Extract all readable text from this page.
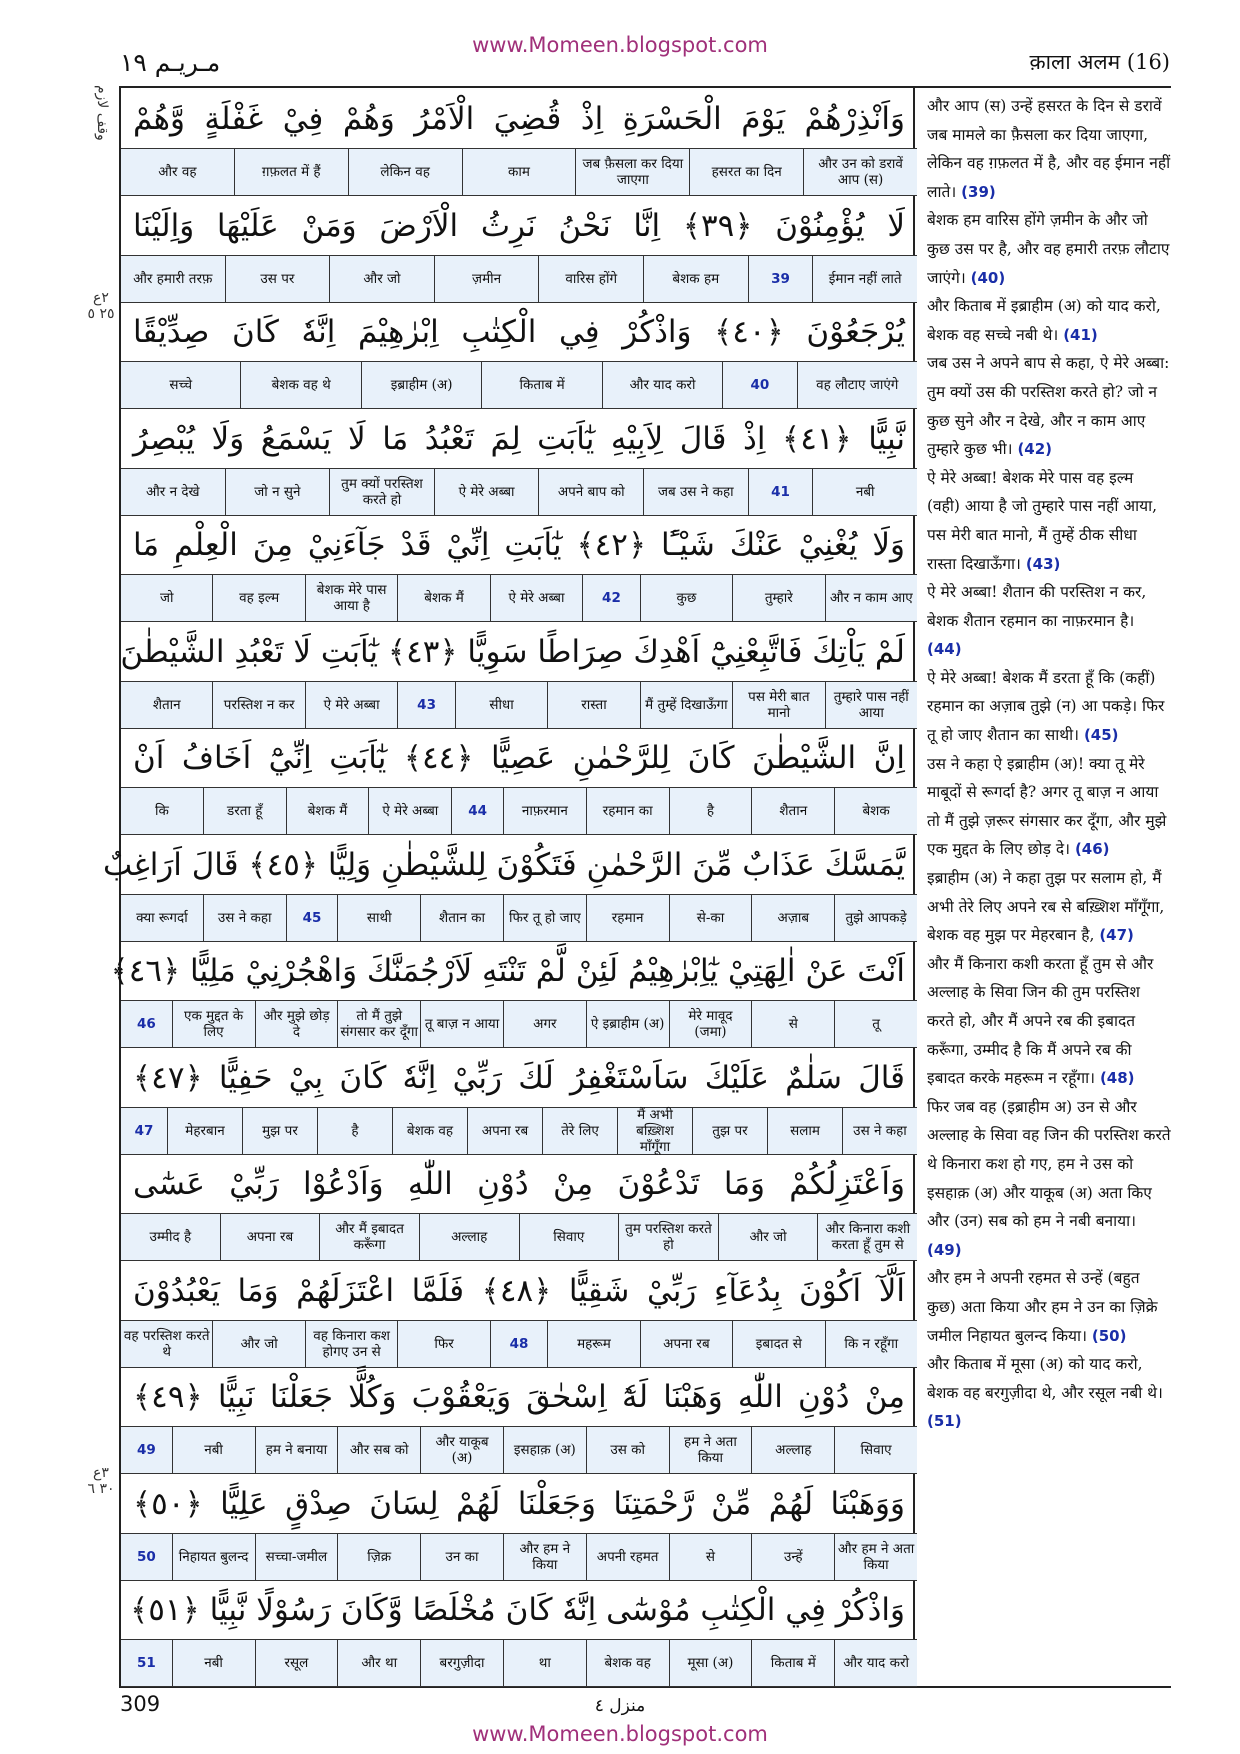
www.Momeen.blogspot.com
مـريـم ١٩	क़ाला अलम (16)
وقف لازم
٢ع ٢٥ ٥
٣ع ٣٠ ٦
وَاَنْذِرْهُمْ يَوْمَ الْحَسْرَةِ اِذْ قُضِيَ الْاَمْرُ وَهُمْ فِيْ غَفْلَةٍ وَّهُمْ
और उन को डरावें आप (स)
हसरत का दिन
जब फ़ैसला कर दिया जाएगा
काम
लेकिन वह
ग़फ़लत में हैं
और वह
لَا يُؤْمِنُوْنَ ﴿٣٩﴾ اِنَّا نَحْنُ نَرِثُ الْاَرْضَ وَمَنْ عَلَيْهَا وَاِلَيْنَا
ईमान नहीं लाते
39
बेशक हम
वारिस होंगे
ज़मीन
और जो
उस पर
और हमारी तरफ़
يُرْجَعُوْنَ ﴿٤٠﴾ وَاذْكُرْ فِي الْكِتٰبِ اِبْرٰهِيْمَ اِنَّهٗ كَانَ صِدِّيْقًا
वह लौटाए जाएंगे
40
और याद करो
किताब में
इब्राहीम (अ)
बेशक वह थे
सच्चे
نَّبِيًّا ﴿٤١﴾ اِذْ قَالَ لِاَبِيْهِ يٰٓاَبَتِ لِمَ تَعْبُدُ مَا لَا يَسْمَعُ وَلَا يُبْصِرُ
नबी
41
जब उस ने कहा
अपने बाप को
ऐ मेरे अब्बा
तुम क्यों परस्तिश करते हो
जो न सुने
और न देखे
وَلَا يُغْنِيْ عَنْكَ شَيْـًٔا ﴿٤٢﴾ يٰٓاَبَتِ اِنِّيْ قَدْ جَآءَنِيْ مِنَ الْعِلْمِ مَا
और न काम आए
तुम्हारे
कुछ
42
ऐ मेरे अब्बा
बेशक मैं
बेशक मेरे पास आया है
वह इल्म
जो
لَمْ يَاْتِكَ فَاتَّبِعْنِيْٓ اَهْدِكَ صِرَاطًا سَوِيًّا ﴿٤٣﴾ يٰٓاَبَتِ لَا تَعْبُدِ الشَّيْطٰنَ
तुम्हारे पास नहीं आया
पस मेरी बात मानो
मैं तुम्हें दिखाऊँगा
रास्ता
सीधा
43
ऐ मेरे अब्बा
परस्तिश न कर
शैतान
اِنَّ الشَّيْطٰنَ كَانَ لِلرَّحْمٰنِ عَصِيًّا ﴿٤٤﴾ يٰٓاَبَتِ اِنِّيْٓ اَخَافُ اَنْ
बेशक
शैतान
है
रहमान का
नाफ़रमान
44
ऐ मेरे अब्बा
बेशक मैं
डरता हूँ
कि
يَّمَسَّكَ عَذَابٌ مِّنَ الرَّحْمٰنِ فَتَكُوْنَ لِلشَّيْطٰنِ وَلِيًّا ﴿٤٥﴾ قَالَ اَرَاغِبٌ
तुझे आपकड़े
अज़ाब
से-का
रहमान
फिर तू हो जाए
शैतान का
साथी
45
उस ने कहा
क्या रूगर्दा
اَنْتَ عَنْ اٰلِهَتِيْ يٰٓاِبْرٰهِيْمُ لَئِنْ لَّمْ تَنْتَهِ لَاَرْجُمَنَّكَ وَاهْجُرْنِيْ مَلِيًّا ﴿٤٦﴾
तू
से
मेरे मावूद (जमा)
ऐ इब्राहीम (अ)
अगर
तू बाज़ न आया
तो मैं तुझे संगसार कर दूँगा
और मुझे छोड़ दे
एक मुद्दत के लिए
46
قَالَ سَلٰمٌ عَلَيْكَ سَاَسْتَغْفِرُ لَكَ رَبِّيْ اِنَّهٗ كَانَ بِيْ حَفِيًّا ﴿٤٧﴾
उस ने कहा
सलाम
तुझ पर
मैं अभी बख़्शिश माँगूँगा
तेरे लिए
अपना रब
बेशक वह
है
मुझ पर
मेहरबान
47
وَاَعْتَزِلُكُمْ وَمَا تَدْعُوْنَ مِنْ دُوْنِ اللّٰهِ وَاَدْعُوْا رَبِّيْ عَسٰٓى
और किनारा कशी करता हूँ तुम से
और जो
तुम परस्तिश करते हो
सिवाए
अल्लाह
और मैं इबादत करूँगा
अपना रब
उम्मीद है
اَلَّآ اَكُوْنَ بِدُعَآءِ رَبِّيْ شَقِيًّا ﴿٤٨﴾ فَلَمَّا اعْتَزَلَهُمْ وَمَا يَعْبُدُوْنَ
कि न रहूँगा
इबादत से
अपना रब
महरूम
48
फिर
वह किनारा कश होगए उन से
और जो
वह परस्तिश करते थे
مِنْ دُوْنِ اللّٰهِ وَهَبْنَا لَهٗٓ اِسْحٰقَ وَيَعْقُوْبَ وَكُلًّا جَعَلْنَا نَبِيًّا ﴿٤٩﴾
सिवाए
अल्लाह
हम ने अता किया
उस को
इसहाक़ (अ)
और याकूब (अ)
और सब को
हम ने बनाया
नबी
49
وَوَهَبْنَا لَهُمْ مِّنْ رَّحْمَتِنَا وَجَعَلْنَا لَهُمْ لِسَانَ صِدْقٍ عَلِيًّا ﴿٥٠﴾
और हम ने अता किया
उन्हें
से
अपनी रहमत
और हम ने किया
उन का
ज़िक्र
सच्चा-जमील
निहायत बुलन्द
50
وَاذْكُرْ فِي الْكِتٰبِ مُوْسٰٓى اِنَّهٗ كَانَ مُخْلَصًا وَّكَانَ رَسُوْلًا نَّبِيًّا ﴿٥١﴾
और याद करो
किताब में
मूसा (अ)
बेशक वह
था
बरगुज़ीदा
और था
रसूल
नबी
51
और आप (स) उन्हें हसरत के दिन से डरावें जब मामले का फ़ैसला कर दिया जाएगा, लेकिन वह ग़फ़लत में है, और वह ईमान नहीं लाते। (39)
बेशक हम वारिस होंगे ज़मीन के और जो कुछ उस पर है, और वह हमारी तरफ़ लौटाए जाएंगे। (40)
और किताब में इब्राहीम (अ) को याद करो, बेशक वह सच्चे नबी थे। (41)
जब उस ने अपने बाप से कहा, ऐ मेरे अब्बा: तुम क्यों उस की परस्तिश करते हो? जो न कुछ सुने और न देखे, और न काम आए तुम्हारे कुछ भी। (42)
ऐ मेरे अब्बा! बेशक मेरे पास वह इल्म (वही) आया है जो तुम्हारे पास नहीं आया, पस मेरी बात मानो, मैं तुम्हें ठीक सीधा रास्ता दिखाऊँगा। (43)
ऐ मेरे अब्बा! शैतान की परस्तिश न कर, बेशक शैतान रहमान का नाफ़रमान है। (44)
ऐ मेरे अब्बा! बेशक मैं डरता हूँ कि (कहीं) रहमान का अज़ाब तुझे (न) आ पकड़े। फिर तू हो जाए शैतान का साथी। (45)
उस ने कहा ऐ इब्राहीम (अ)! क्या तू मेरे माबूदों से रूगर्दा है? अगर तू बाज़ न आया तो मैं तुझे ज़रूर संगसार कर दूँगा, और मुझे एक मुद्दत के लिए छोड़ दे। (46)
इब्राहीम (अ) ने कहा तुझ पर सलाम हो, मैं अभी तेरे लिए अपने रब से बख़्शिश माँगूँगा, बेशक वह मुझ पर मेहरबान है, (47)
और मैं किनारा कशी करता हूँ तुम से और अल्लाह के सिवा जिन की तुम परस्तिश करते हो, और मैं अपने रब की इबादत करूँगा, उम्मीद है कि मैं अपने रब की इबादत करके महरूम न रहूँगा। (48)
फिर जब वह (इब्राहीम अ) उन से और अल्लाह के सिवा वह जिन की परस्तिश करते थे किनारा कश हो गए, हम ने उस को इसहाक़ (अ) और याकूब (अ) अता किए और (उन) सब को हम ने नबी बनाया। (49)
और हम ने अपनी रहमत से उन्हें (बहुत कुछ) अता किया और हम ने उन का ज़िक्रे जमील निहायत बुलन्द किया। (50)
और किताब में मूसा (अ) को याद करो, बेशक वह बरगुज़ीदा थे, और रसूल नबी थे। (51)
309	منزل ٤
www.Momeen.blogspot.com
